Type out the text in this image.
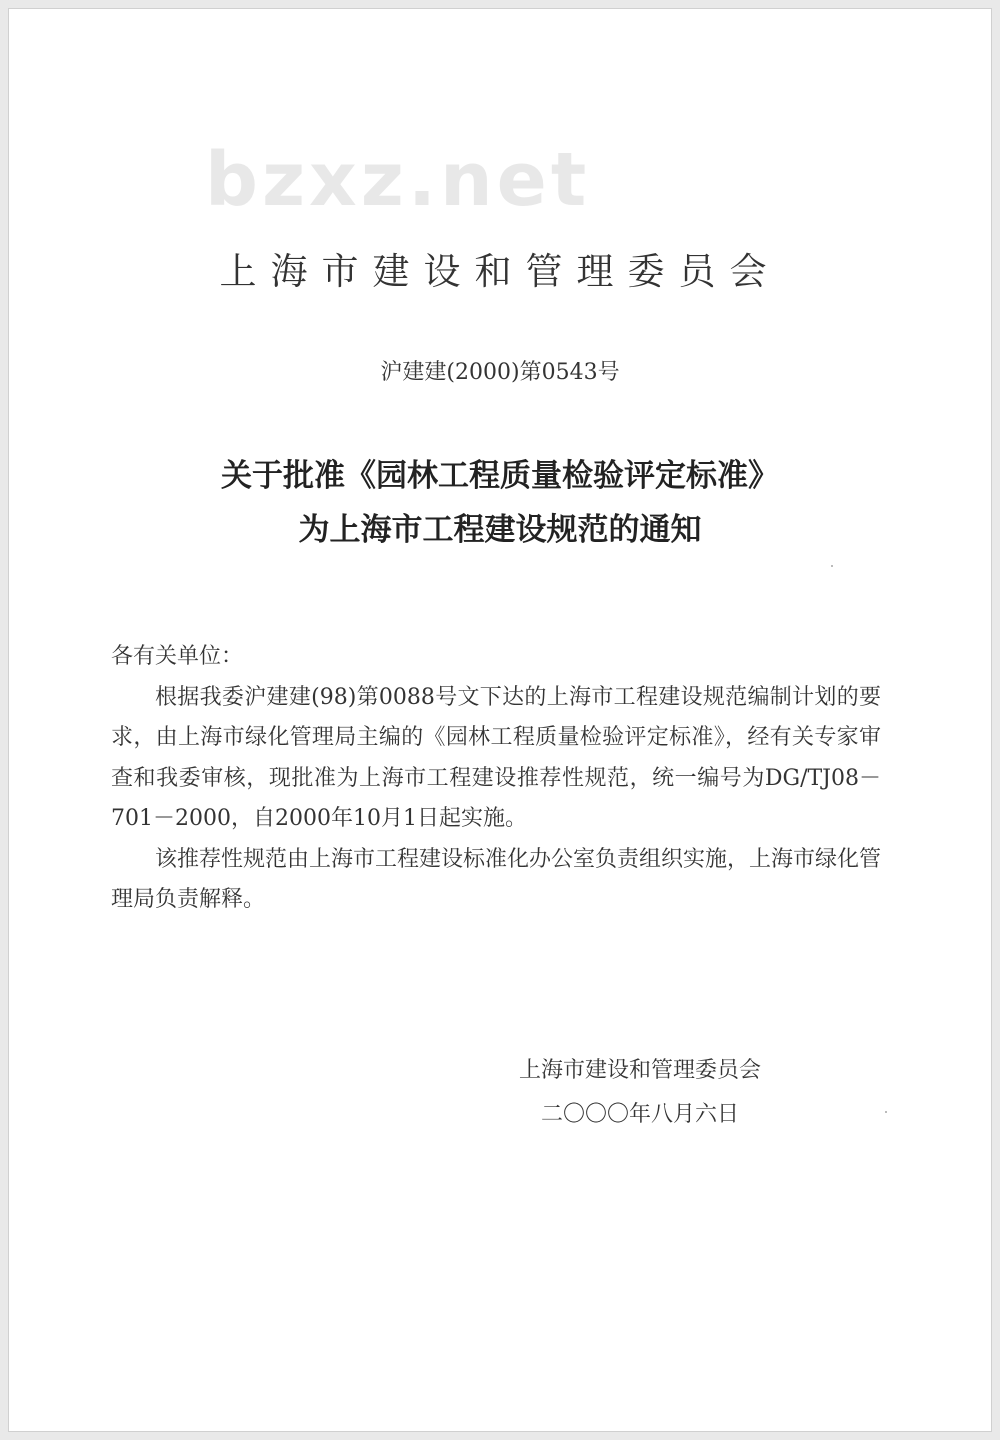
bzxz.net
上海市建设和管理委员会
沪建建(2000)第0543号
关于批准《园林工程质量检验评定标准》
为上海市工程建设规范的通知

各有关单位：

根据我委沪建建(98)第0088号文下达的上海市工程建设规范编制计划的要求，由上海市绿化管理局主编的《园林工程质量检验评定标准》，经有关专家审查和我委审核，现批准为上海市工程建设推荐性规范，统一编号为DG/TJ08－701－2000，自2000年10月1日起实施。

该推荐性规范由上海市工程建设标准化办公室负责组织实施，上海市绿化管理局负责解释。

上海市建设和管理委员会
二〇〇〇年八月六日
